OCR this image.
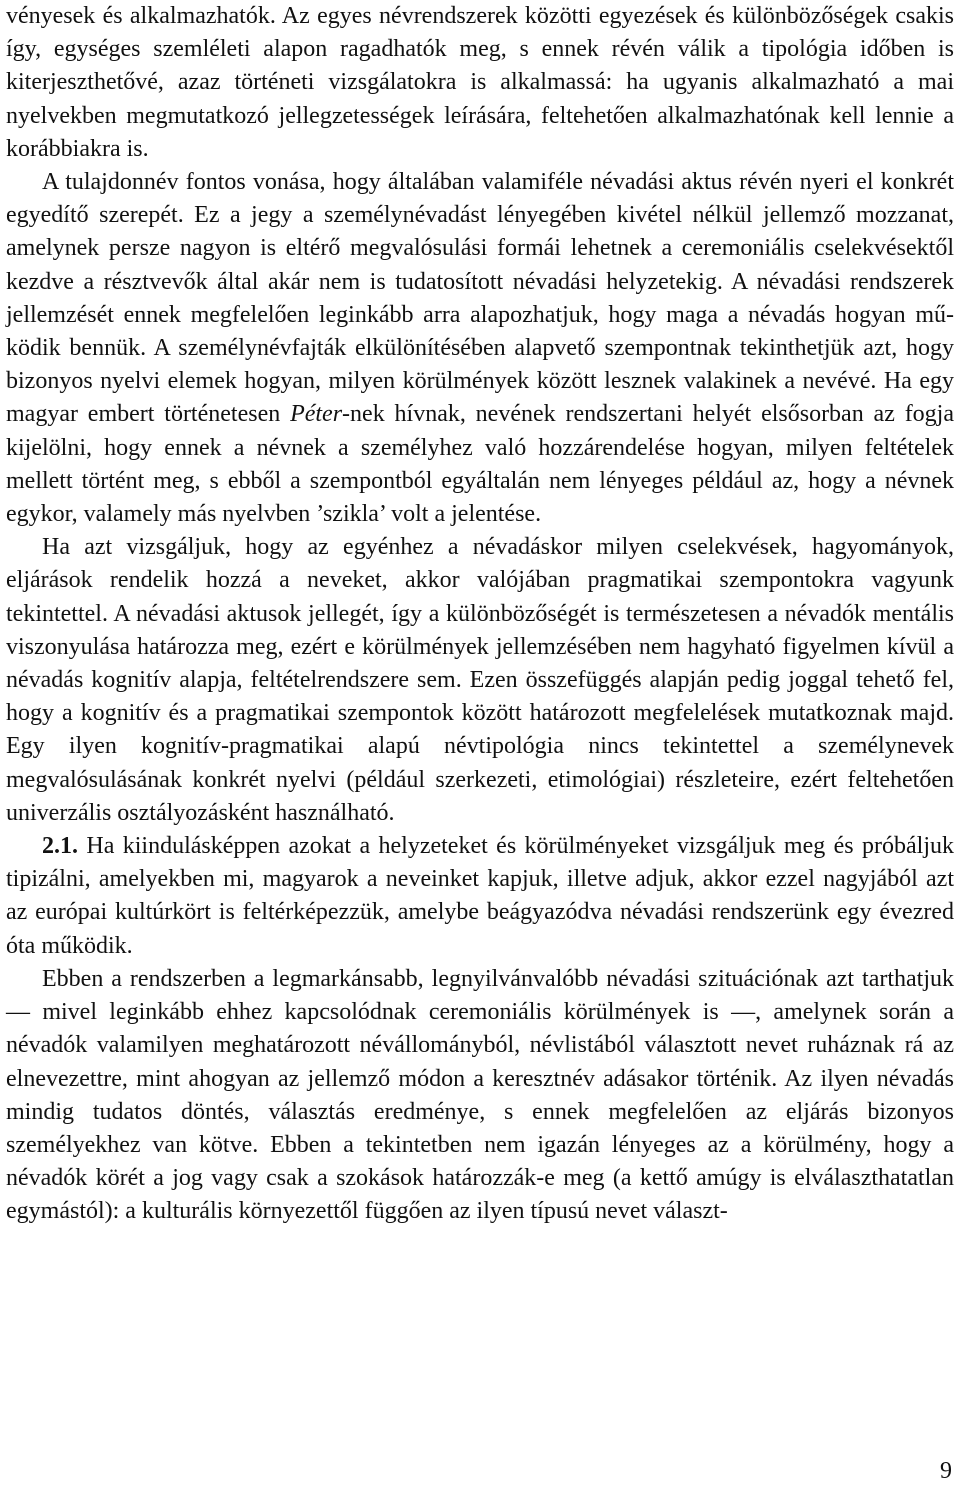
vényesek és alkalmazhatók. Az egyes névrendszerek közötti egyezések és különbözőségek csakis így, egységes szemléleti alapon ragadhatók meg, s ennek révén válik a tipológia időben is kiterjeszthetővé, azaz történeti vizsgálatokra is alkalmassá: ha ugyanis alkalmazható a mai nyelvekben megmutatkozó jellegzetességek leírására, feltehetően alkalmazhatónak kell lennie a korábbiakra is.

A tulajdonnév fontos vonása, hogy általában valamiféle névadási aktus révén nyeri el konkrét egyedítő szerepét. Ez a jegy a személynévadást lényegében kivétel nélkül jellemző mozzanat, amelynek persze nagyon is eltérő megvalósulási formái lehetnek a ceremoniális cselekvésektől kezdve a résztvevők által akár nem is tudatosított névadási helyzetekig. A névadási rendszerek jellemzését ennek megfelelően leginkább arra alapozhatjuk, hogy maga a névadás hogyan működik bennük. A személynévfajták elkülönítésében alapvető szempontnak tekinthetjük azt, hogy bizonyos nyelvi elemek hogyan, milyen körülmények között lesznek valakinek a nevévé. Ha egy magyar embert történetesen Péter-nek hívnak, nevének rendszertani helyét elsősorban az fogja kijelölni, hogy ennek a névnek a személyhez való hozzárendelése hogyan, milyen feltételek mellett történt meg, s ebből a szempontból egyáltalán nem lényeges például az, hogy a névnek egykor, valamely más nyelvben ’szikla’ volt a jelentése.

Ha azt vizsgáljuk, hogy az egyénhez a névadáskor milyen cselekvések, hagyományok, eljárások rendelik hozzá a neveket, akkor valójában pragmatikai szempontokra vagyunk tekintettel. A névadási aktusok jellegét, így a különbözőségét is természetesen a névadók mentális viszonyulása határozza meg, ezért e körülmények jellemzésében nem hagyható figyelmen kívül a névadás kognitív alapja, feltételrendszere sem. Ezen összefüggés alapján pedig joggal tehető fel, hogy a kognitív és a pragmatikai szempontok között határozott megfelelések mutatkoznak majd. Egy ilyen kognitív-pragmatikai alapú névtipológia nincs tekintettel a személynevek megvalósulásának konkrét nyelvi (például szerkezeti, etimológiai) részleteire, ezért feltehetően univerzális osztályozásként használható.

2.1. Ha kiindulásképpen azokat a helyzeteket és körülményeket vizsgáljuk meg és próbáljuk tipizálni, amelyekben mi, magyarok a neveinket kapjuk, illetve adjuk, akkor ezzel nagyjából azt az európai kultúrkört is feltérképezzük, amelybe beágyazódva névadási rendszerünk egy évezred óta működik.

Ebben a rendszerben a legmarkánsabb, legnyilvánvalóbb névadási szituációnak azt tarthatjuk — mivel leginkább ehhez kapcsolódnak ceremoniális körülmények is —, amelynek során a névadók valamilyen meghatározott névállományból, névlistából választott nevet ruháznak rá az elnevezettre, mint ahogyan az jellemző módon a keresztnév adásakor történik. Az ilyen névadás mindig tudatos döntés, választás eredménye, s ennek megfelelően az eljárás bizonyos személyekhez van kötve. Ebben a tekintetben nem igazán lényeges az a körülmény, hogy a névadók körét a jog vagy csak a szokások határozzák-e meg (a kettő amúgy is elválaszthatatlan egymástól): a kulturális környezettől függően az ilyen típusú nevet választ-

9
